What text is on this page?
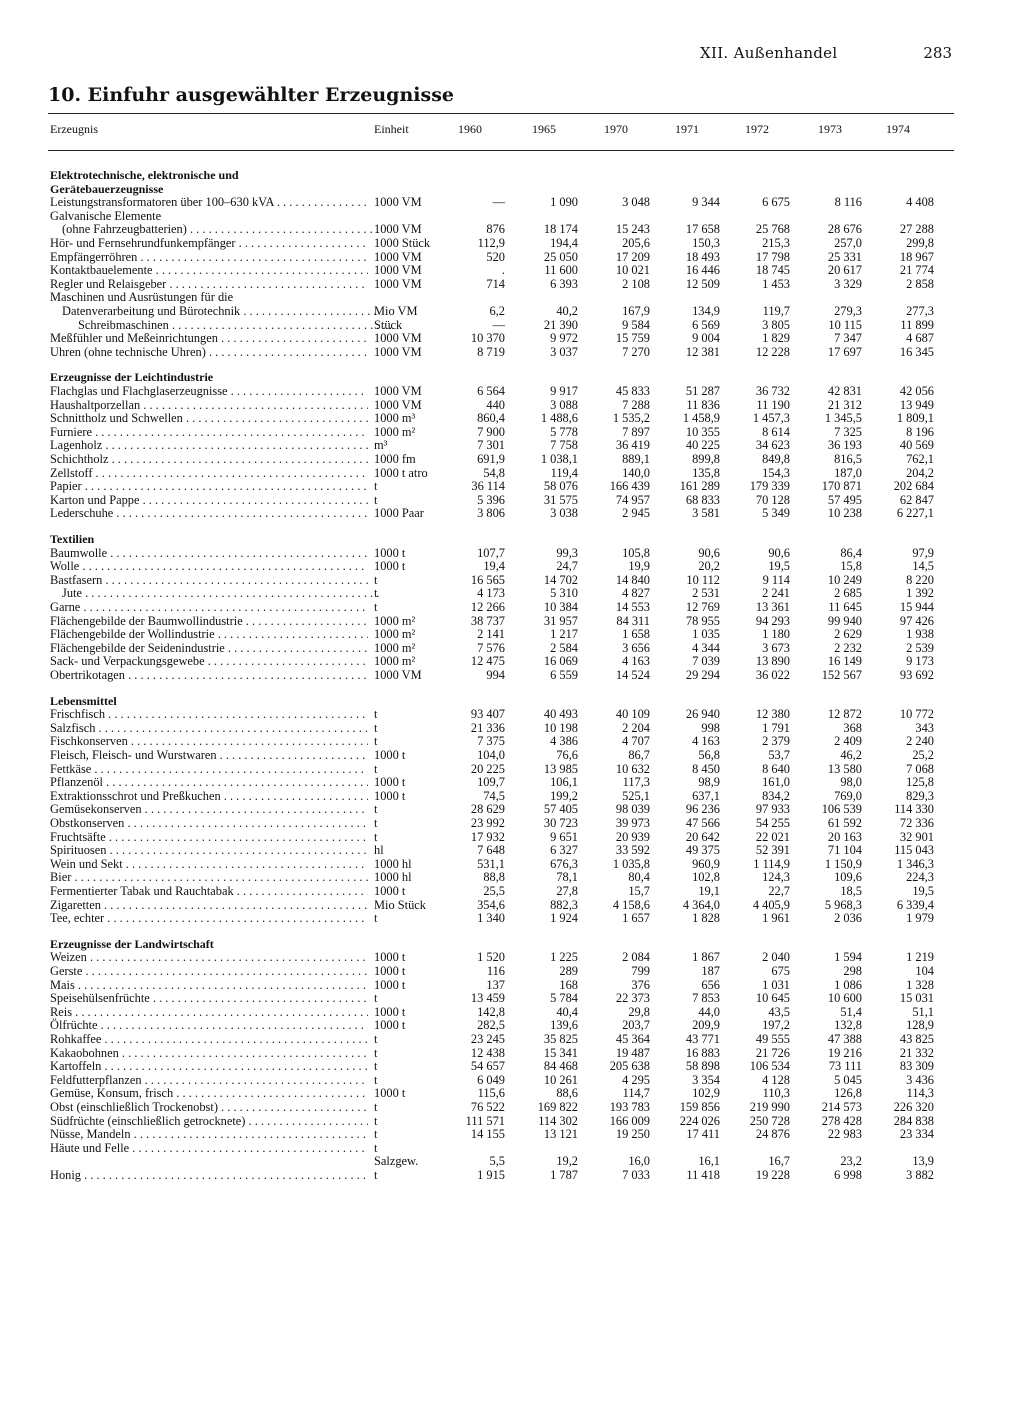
XII. Außenhandel	283
10. Einfuhr ausgewählter Erzeugnisse
Erzeugnis	Einheit	1960	1965	1970	1971	1972	1973	1974
Elektrotechnische, elektronische und
Gerätebauerzeugnisse
Leistungstransformatoren über 100–630 kVA . . .	1000 VM	—	1 090	3 048	9 344	6 675	8 116	4 408
Galvanische Elemente
(ohne Fahrzeugbatterien) . . .	1000 VM	876	18 174	15 243	17 658	25 768	28 676	27 288
Hör- und Fernsehrundfunkempfänger . . .	1000 Stück	112,9	194,4	205,6	150,3	215,3	257,0	299,8
Empfängerröhren . . .	1000 VM	520	25 050	17 209	18 493	17 798	25 331	18 967
Kontaktbauelemente . . .	1000 VM	.	11 600	10 021	16 446	18 745	20 617	21 774
Regler und Relaisgeber . . .	1000 VM	714	6 393	2 108	12 509	1 453	3 329	2 858
Maschinen und Ausrüstungen für die
Datenverarbeitung und Bürotechnik . . .	Mio VM	6,2	40,2	167,9	134,9	119,7	279,3	277,3
Schreibmaschinen . . .	Stück	—	21 390	9 584	6 569	3 805	10 115	11 899
Meßfühler und Meßeinrichtungen . . .	1000 VM	10 370	9 972	15 759	9 004	1 829	7 347	4 687
Uhren (ohne technische Uhren) . . .	1000 VM	8 719	3 037	7 270	12 381	12 228	17 697	16 345
Erzeugnisse der Leichtindustrie
Flachglas und Flachglaserzeugnisse . . .	1000 VM	6 564	9 917	45 833	51 287	36 732	42 831	42 056
Haushaltporzellan . . .	1000 VM	440	3 088	7 288	11 836	11 190	21 312	13 949
Schnittholz und Schwellen . . .	1000 m³	860,4	1 488,6	1 535,2	1 458,9	1 457,3	1 345,5	1 809,1
Furniere . . .	1000 m²	7 900	5 778	7 897	10 355	8 614	7 325	8 196
Lagenholz . . .	m³	7 301	7 758	36 419	40 225	34 623	36 193	40 569
Schichtholz . . .	1000 fm	691,9	1 038,1	889,1	899,8	849,8	816,5	762,1
Zellstoff . . .	1000 t atro	54,8	119,4	140,0	135,8	154,3	187,0	204,2
Papier . . .	t	36 114	58 076	166 439	161 289	179 339	170 871	202 684
Karton und Pappe . . .	t	5 396	31 575	74 957	68 833	70 128	57 495	62 847
Lederschuhe . . .	1000 Paar	3 806	3 038	2 945	3 581	5 349	10 238	6 227,1
Textilien
Baumwolle . . .	1000 t	107,7	99,3	105,8	90,6	90,6	86,4	97,9
Wolle . . .	1000 t	19,4	24,7	19,9	20,2	19,5	15,8	14,5
Bastfasern . . .	t	16 565	14 702	14 840	10 112	9 114	10 249	8 220
Jute . . .	t	4 173	5 310	4 827	2 531	2 241	2 685	1 392
Garne . . .	t	12 266	10 384	14 553	12 769	13 361	11 645	15 944
Flächengebilde der Baumwollindustrie . . .	1000 m²	38 737	31 957	84 311	78 955	94 293	99 940	97 426
Flächengebilde der Wollindustrie . . .	1000 m²	2 141	1 217	1 658	1 035	1 180	2 629	1 938
Flächengebilde der Seidenindustrie . . .	1000 m²	7 576	2 584	3 656	4 344	3 673	2 232	2 539
Sack- und Verpackungsgewebe . . .	1000 m²	12 475	16 069	4 163	7 039	13 890	16 149	9 173
Obertrikotagen . . .	1000 VM	994	6 559	14 524	29 294	36 022	152 567	93 692
Lebensmittel
Frischfisch . . .	t	93 407	40 493	40 109	26 940	12 380	12 872	10 772
Salzfisch . . .	t	21 336	10 198	2 204	998	1 791	368	343
Fischkonserven . . .	t	7 375	4 386	4 707	4 163	2 379	2 409	2 240
Fleisch, Fleisch- und Wurstwaren . . .	1000 t	104,0	76,6	86,7	56,8	53,7	46,2	25,2
Fettkäse . . .	t	20 225	13 985	10 632	8 450	8 640	13 580	7 068
Pflanzenöl . . .	1000 t	109,7	106,1	117,3	98,9	161,0	98,0	125,8
Extraktionsschrot und Preßkuchen . . .	1000 t	74,5	199,2	525,1	637,1	834,2	769,0	829,3
Gemüsekonserven . . .	t	28 629	57 405	98 039	96 236	97 933	106 539	114 330
Obstkonserven . . .	t	23 992	30 723	39 973	47 566	54 255	61 592	72 336
Fruchtsäfte . . .	t	17 932	9 651	20 939	20 642	22 021	20 163	32 901
Spirituosen . . .	hl	7 648	6 327	33 592	49 375	52 391	71 104	115 043
Wein und Sekt . . .	1000 hl	531,1	676,3	1 035,8	960,9	1 114,9	1 150,9	1 346,3
Bier . . .	1000 hl	88,8	78,1	80,4	102,8	124,3	109,6	224,3
Fermentierter Tabak und Rauchtabak . . .	1000 t	25,5	27,8	15,7	19,1	22,7	18,5	19,5
Zigaretten . . .	Mio Stück	354,6	882,3	4 158,6	4 364,0	4 405,9	5 968,3	6 339,4
Tee, echter . . .	t	1 340	1 924	1 657	1 828	1 961	2 036	1 979
Erzeugnisse der Landwirtschaft
Weizen . . .	1000 t	1 520	1 225	2 084	1 867	2 040	1 594	1 219
Gerste . . .	1000 t	116	289	799	187	675	298	104
Mais . . .	1000 t	137	168	376	656	1 031	1 086	1 328
Speisehülsenfrüchte . . .	t	13 459	5 784	22 373	7 853	10 645	10 600	15 031
Reis . . .	1000 t	142,8	40,4	29,8	44,0	43,5	51,4	51,1
Ölfrüchte . . .	1000 t	282,5	139,6	203,7	209,9	197,2	132,8	128,9
Rohkaffee . . .	t	23 245	35 825	45 364	43 771	49 555	47 388	43 825
Kakaobohnen . . .	t	12 438	15 341	19 487	16 883	21 726	19 216	21 332
Kartoffeln . . .	t	54 657	84 468	205 638	58 898	106 534	73 111	83 309
Feldfutterpflanzen . . .	t	6 049	10 261	4 295	3 354	4 128	5 045	3 436
Gemüse, Konsum, frisch . . .	1000 t	115,6	88,6	114,7	102,9	110,3	126,8	114,3
Obst (einschließlich Trockenobst) . . .	t	76 522	169 822	193 783	159 856	219 990	214 573	226 320
Südfrüchte (einschließlich getrocknete) . . .	t	111 571	114 302	166 009	224 026	250 728	278 428	284 838
Nüsse, Mandeln . . .	t	14 155	13 121	19 250	17 411	24 876	22 983	23 334
Häute und Felle . . .	t
Salzgew.	5,5	19,2	16,0	16,1	16,7	23,2	13,9
Honig . . .	t	1 915	1 787	7 033	11 418	19 228	6 998	3 882
